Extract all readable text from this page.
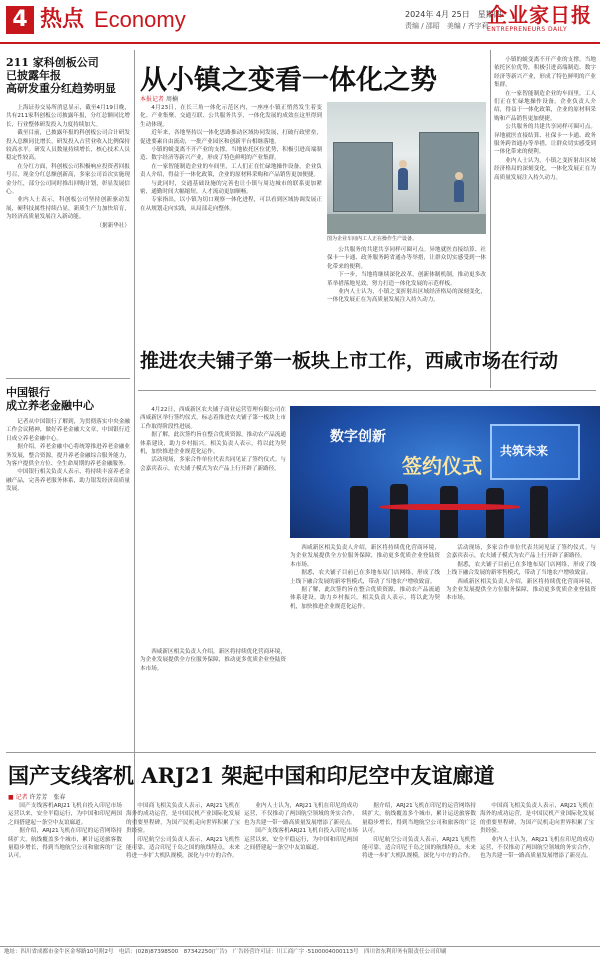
4 热点 Economy	2024年 4月 25日　星期四
责编 / 邵昭　美编 / 齐宇莉
企业家日报
ENTREPRENEURS DAILY
211 家科创板公司
已披露年报
高研发重分红趋势明显

上海证券交易所消息显示，截至4月19日晚，共有211家科创板公司披露年报，分红总额同比增长，行业整体研发投入力度持续加大。

截至目前，已披露年报的科创板公司合计研发投入总额同比增长，研发投入占营业收入比例保持较高水平。研发人员数量持续增长，核心技术人员稳定性较高。

在分红方面，科创板公司积极响应投资者回报号召，现金分红总额创新高，多家公司首次实施现金分红，部分公司同时推出回购计划，彰显发展信心。

业内人士表示，科创板公司坚持创新驱动发展，硬科技属性持续凸显，新质生产力加快培育，为经济高质量发展注入新动能。

（据新华社）

中国银行
成立养老金融中心

记者从中国银行了解到，为贯彻落实中央金融工作会议精神，做好养老金融大文章，中国银行近日成立养老金融中心。

据介绍，养老金融中心将统筹推进养老金融业务发展，整合资源，提升养老金融综合服务能力，为客户提供全方位、全生命周期的养老金融服务。

中国银行相关负责人表示，将持续丰富养老金融产品，完善养老服务体系，助力银发经济高质量发展。

从小镇之变看一体化之势
本报记者 周楠

4月23日，在长三角一体化示范区内，一座座小镇正悄然发生着变化。产业集聚、交通互联、公共服务共享，一体化发展的成效在这里得到生动体现。

近年来，各地坚持以一体化思路推动区域协同发展，打破行政壁垒，促进要素自由流动，一批产业园区和创新平台相继落地。

小镇的蜕变离不开产业的支撑。当地依托区位优势，积极引进高端制造、数字经济等新兴产业，形成了特色鲜明的产业集群。

在一家智能制造企业的车间里，工人们正在忙碌地操作设备。企业负责人介绍，得益于一体化政策，企业的原材料采购和产品销售更加便捷。

与此同时，交通基础设施的完善也让小镇与周边城市的联系更加紧密，通勤时间大幅缩短，人才流动更加顺畅。

专家指出，以小镇为切口观察一体化进程，可以看到区域协调发展正在从规划走向实践，从局部走向整体。

图为企业车间内工人正在操作生产设备。

公共服务的共建共享同样可圈可点。异地就医直接结算、社保卡一卡通、政务服务跨省通办等举措，让群众切实感受到一体化带来的便利。

下一步，当地将继续深化改革，创新体制机制，推动更多改革举措落地见效，努力打造一体化发展的示范样板。

业内人士认为，小镇之变折射出区域经济格局的深刻变化，一体化发展正在为高质量发展注入持久动力。

小镇的蜕变离不开产业的支撑。当地依托区位优势，积极引进高端制造、数字经济等新兴产业，形成了特色鲜明的产业集群。

在一家智能制造企业的车间里，工人们正在忙碌地操作设备。企业负责人介绍，得益于一体化政策，企业的原材料采购和产品销售更加便捷。

公共服务的共建共享同样可圈可点。异地就医直接结算、社保卡一卡通、政务服务跨省通办等举措，让群众切实感受到一体化带来的便利。

业内人士认为，小镇之变折射出区域经济格局的深刻变化，一体化发展正在为高质量发展注入持久动力。

推进农夫铺子第一板块上市工作，西咸市场在行动

4月22日，西咸新区农夫铺子商业运营管理有限公司在西咸新区举行签约仪式，标志着推进农夫铺子第一板块上市工作取得阶段性进展。

据了解，此次签约旨在整合优质资源，推动农产品流通体系建设，助力乡村振兴。相关负责人表示，将以此为契机，加快推进企业规范化运作。

活动现场，多家合作单位代表共同见证了签约仪式。与会嘉宾表示，农夫铺子模式为农产品上行开辟了新路径。

数字创新
签约仪式
共筑未来

西咸新区相关负责人介绍，新区将持续优化营商环境，为企业发展提供全方位服务保障，推动更多优质企业登陆资本市场。

据悉，农夫铺子目前已在多地布局门店网络，形成了线上线下融合发展的新零售模式，带动了当地农户增收致富。

据了解，此次签约旨在整合优质资源，推动农产品流通体系建设，助力乡村振兴。相关负责人表示，将以此为契机，加快推进企业规范化运作。

活动现场，多家合作单位代表共同见证了签约仪式。与会嘉宾表示，农夫铺子模式为农产品上行开辟了新路径。

据悉，农夫铺子目前已在多地布局门店网络，形成了线上线下融合发展的新零售模式，带动了当地农户增收致富。

西咸新区相关负责人介绍，新区将持续优化营商环境，为企业发展提供全方位服务保障，推动更多优质企业登陆资本市场。

西咸新区相关负责人介绍，新区将持续优化营商环境，为企业发展提供全方位服务保障，推动更多优质企业登陆资本市场。

国产支线客机 ARJ21 架起中国和印尼空中友谊廊道
■ 记者 许芳芳　张春

国产支线客机ARJ21飞机自投入印尼市场运营以来，安全平稳运行，为中国和印尼两国之间搭建起一条空中友谊廊道。

据介绍，ARJ21飞机在印尼的运营网络持续扩大，航线覆盖多个城市，累计运送旅客数量稳步增长，得到当地航空公司和旅客的广泛认可。

中国商飞相关负责人表示，ARJ21飞机在海外的成功运营，是中国民机产业国际化发展的重要里程碑，为国产民机走向世界积累了宝贵经验。

印尼航空公司负责人表示，ARJ21飞机性能可靠，适合印尼千岛之国的航线特点，未来将进一步扩大机队规模，深化与中方的合作。

业内人士认为，ARJ21飞机在印尼的成功运营，不仅推动了两国航空领域的务实合作，也为共建一带一路高质量发展增添了新亮点。

国产支线客机ARJ21飞机自投入印尼市场运营以来，安全平稳运行，为中国和印尼两国之间搭建起一条空中友谊廊道。

据介绍，ARJ21飞机在印尼的运营网络持续扩大，航线覆盖多个城市，累计运送旅客数量稳步增长，得到当地航空公司和旅客的广泛认可。

印尼航空公司负责人表示，ARJ21飞机性能可靠，适合印尼千岛之国的航线特点，未来将进一步扩大机队规模，深化与中方的合作。

中国商飞相关负责人表示，ARJ21飞机在海外的成功运营，是中国民机产业国际化发展的重要里程碑，为国产民机走向世界积累了宝贵经验。

业内人士认为，ARJ21飞机在印尼的成功运营，不仅推动了两国航空领域的务实合作，也为共建一带一路高质量发展增添了新亮点。

地址：四川省成都市金牛区金琴路10号附2号　电话：(028)87398500　87342250(广告)　广告经营许可证：川工商广字 ·5100004000113号　四川省东利印务有限责任公司印刷
